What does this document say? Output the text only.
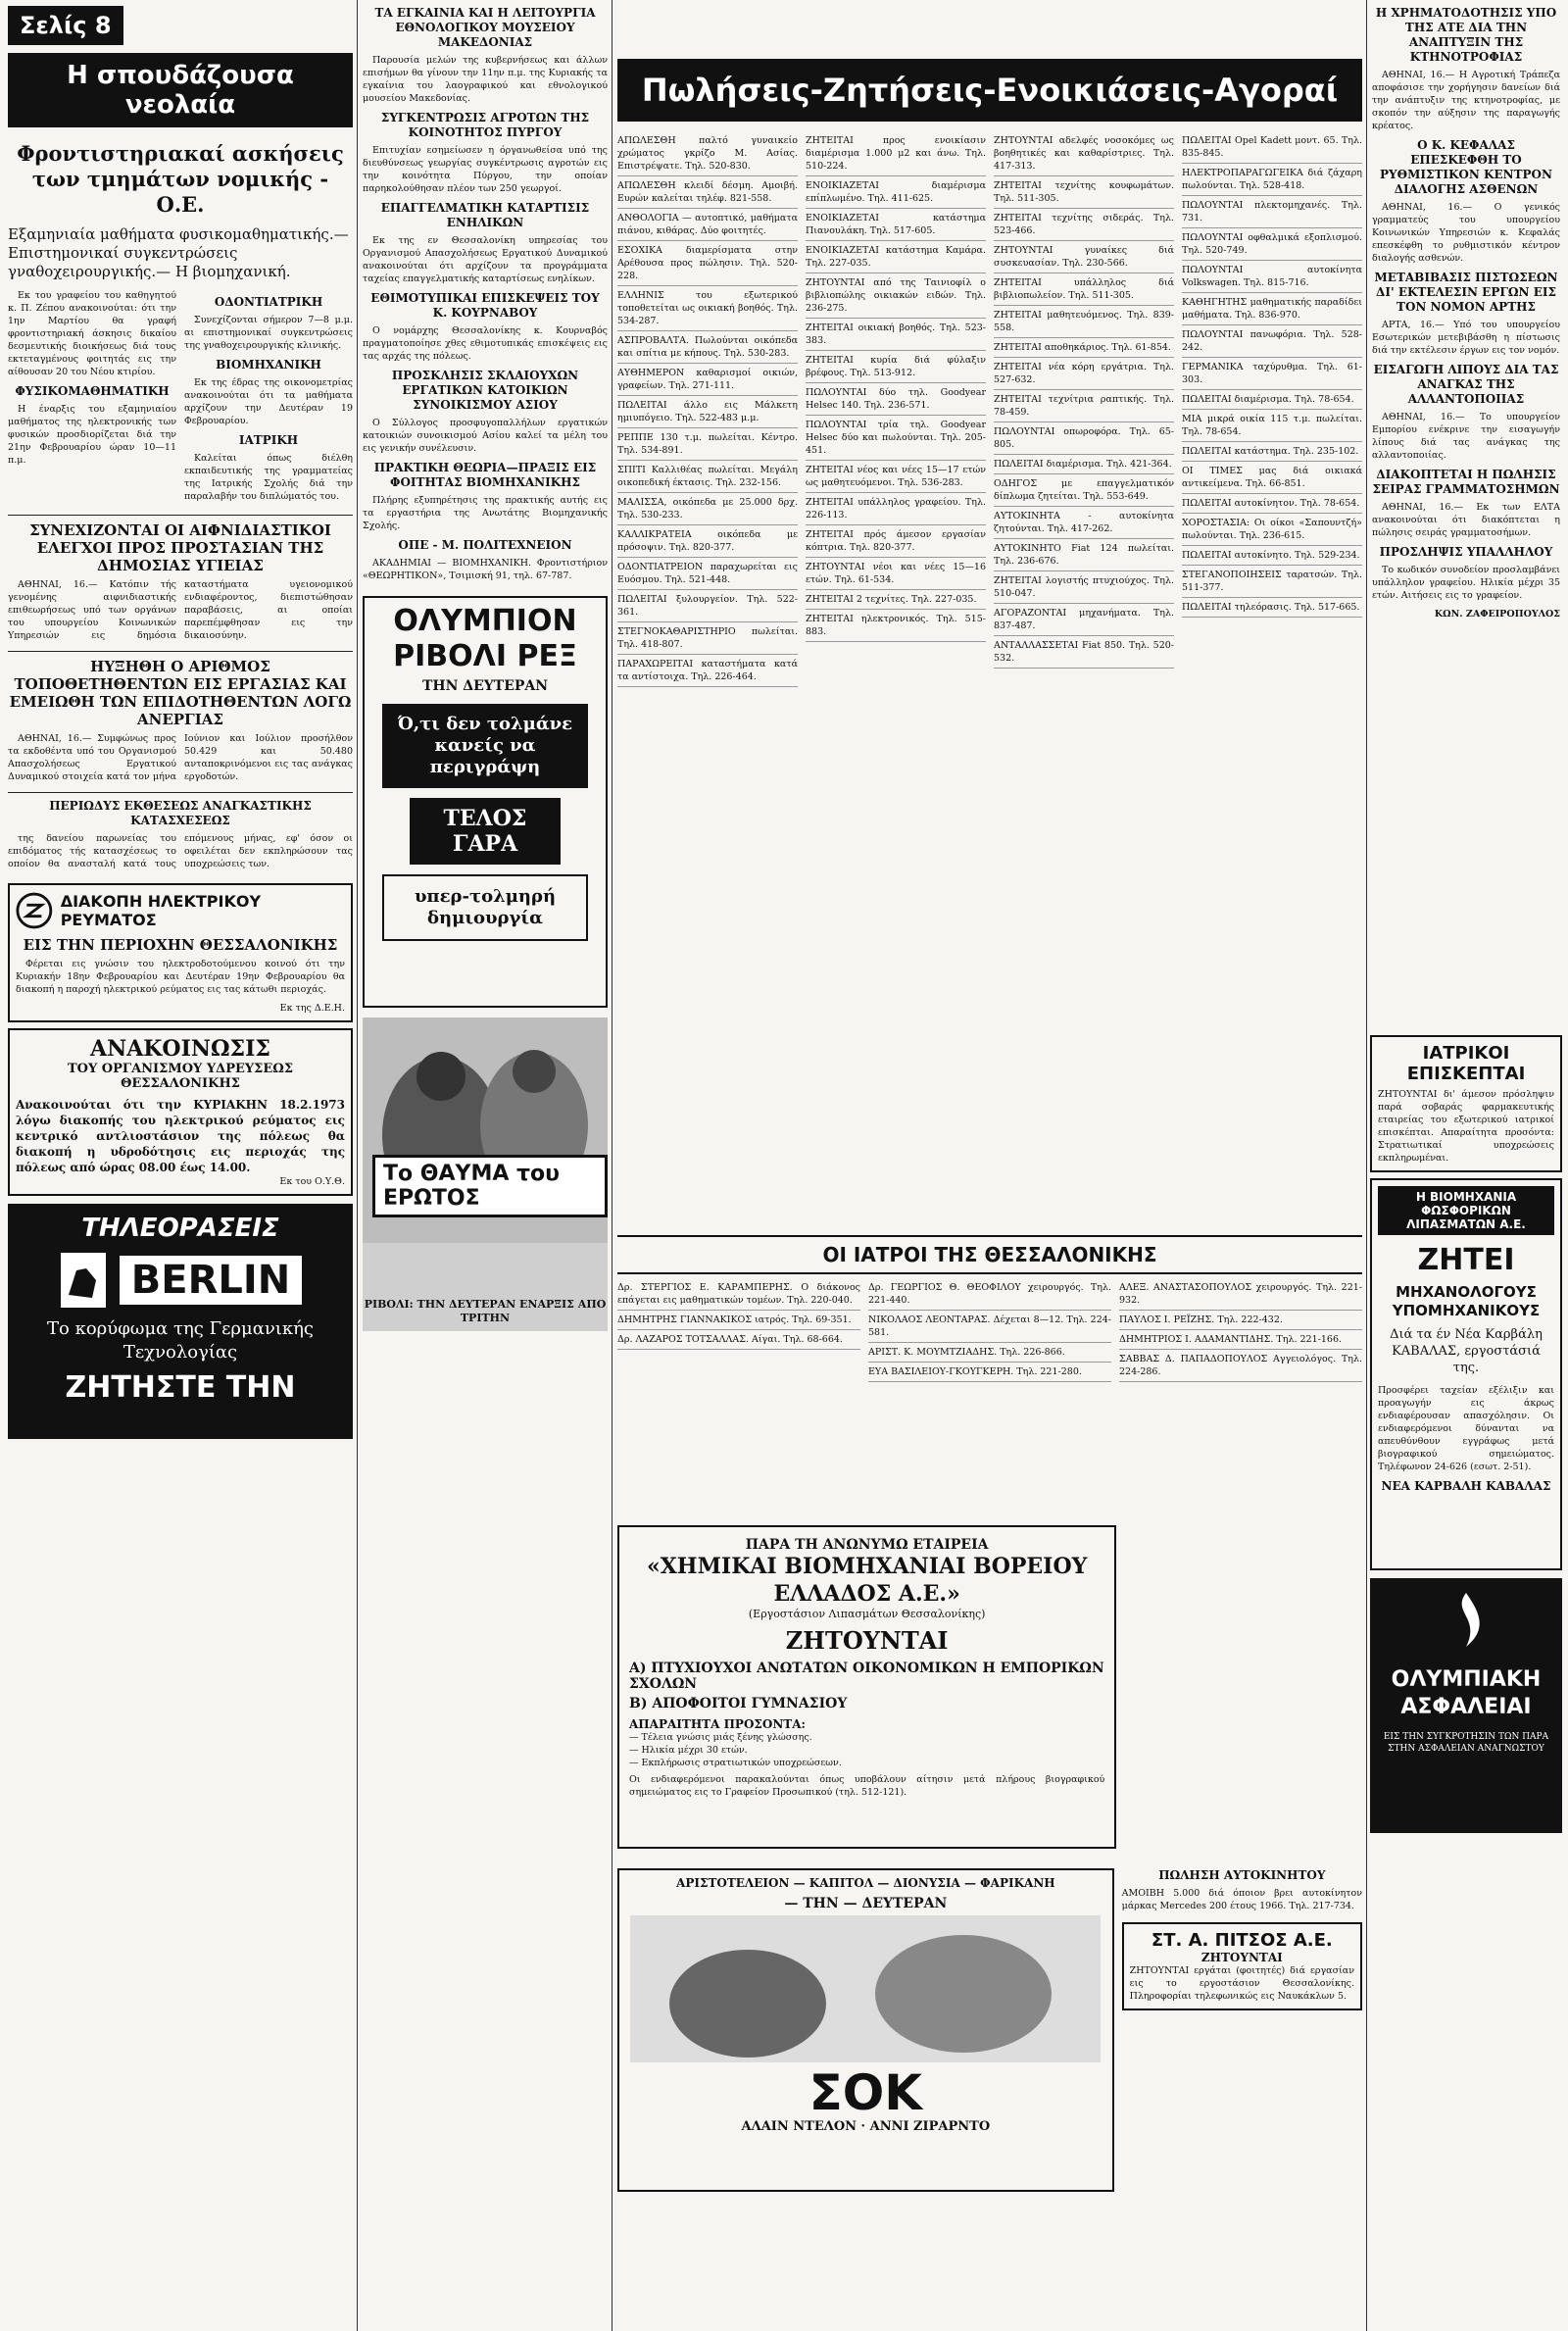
Σελίς 8
Η σπουδάζουσα νεολαία
Φροντιστηριακαί ασκήσεις των τμημάτων νομικής - Ο.Ε.
Εξαμηνιαία μαθήματα φυσικομαθηματικής.— Επιστημονικαί συγκεντρώσεις γναθοχειρουργικής.— Η βιομηχανική.

Εκ του γραφείου του καθηγητού κ. Π. Ζέπου ανακοινούται: ότι την 1ην Μαρτίου θα γραφή φροντιστηριακή άσκησις δικαίου δεσμευτικής διοικήσεως διά τους εκτεταγμένους φοιτητάς εις την αίθουσαν 20 του Νέου κτιρίου.

ΦΥΣΙΚΟΜΑΘΗΜΑΤΙΚΗ

Η έναρξις του εξαμηνιαίου μαθήματος της ηλεκτρονικής των φυσικών προσδιορίζεται διά την 21ην Φεβρουαρίου ώραν 10—11 π.μ.

ΟΔΟΝΤΙΑΤΡΙΚΗ

Συνεχίζονται σήμερον 7—8 μ.μ. αι επιστημονικαί συγκεντρώσεις της γναθοχειρουργικής κλινικής.

ΒΙΟΜΗΧΑΝΙΚΗ

Εκ της έδρας της οικονομετρίας ανακοινούται ότι τα μαθήματα αρχίζουν την Δευτέραν 19 Φεβρουαρίου.

ΙΑΤΡΙΚΗ

Καλείται όπως διέλθη εκπαιδευτικής της γραμματείας της Ιατρικής Σχολής διά την παραλαβήν του διπλώματός του.

ΣΥΝΕΧΙΖΟΝΤΑΙ ΟΙ ΑΙΦΝΙΔΙΑΣΤΙΚΟΙ ΕΛΕΓΧΟΙ ΠΡΟΣ ΠΡΟΣΤΑΣΙΑΝ ΤΗΣ ΔΗΜΟΣΙΑΣ ΥΓΙΕΙΑΣ

ΑΘΗΝΑΙ, 16.— Κατόπιν τής γενομένης αιφνιδιαστικής επιθεωρήσεως υπό των οργάνων του υπουργείου Κοινωνικών Υπηρεσιών εις δημόσια καταστήματα υγειονομικού ενδιαφέροντος, διεπιστώθησαν παραβάσεις, αι οποίαι παρεπέμφθησαν εις την δικαιοσύνην.

ΗΥΞΗΘΗ Ο ΑΡΙΘΜΟΣ ΤΟΠΟΘΕΤΗΘΕΝΤΩΝ ΕΙΣ ΕΡΓΑΣΙΑΣ ΚΑΙ ΕΜΕΙΩΘΗ ΤΩΝ ΕΠΙΔΟΤΗΘΕΝΤΩΝ ΛΟΓΩ ΑΝΕΡΓΙΑΣ

ΑΘΗΝΑΙ, 16.— Συμφώνως προς τα εκδοθέντα υπό του Οργανισμού Απασχολήσεως Εργατικού Δυναμικού στοιχεία κατά τον μήνα Ιούνιον και Ιούλιον προσήλθον 50.429 και 50.480 ανταποκρινόμενοι εις τας ανάγκας εργοδοτών.

ΠΕΡΙΩΔΥΣ ΕΚΘΕΣΕΩΣ ΑΝΑΓΚΑΣΤΙΚΗΣ ΚΑΤΑΣΧΕΣΕΩΣ

της δανείου παρωνείας του επιδόματος τής κατασχέσεως το οποίον θα ανασταλή κατά τους επόμενους μήνας, εφ' όσον οι οφειλέται δεν εκπληρώσουν τας υποχρεώσεις των.

ΔΙΑΚΟΠΗ ΗΛΕΚΤΡΙΚΟΥ ΡΕΥΜΑΤΟΣ
ΕΙΣ ΤΗΝ ΠΕΡΙΟΧΗΝ ΘΕΣΣΑΛΟΝΙΚΗΣ

Φέρεται εις γνώσιν του ηλεκτροδοτούμενου κοινού ότι την Κυριακήν 18ην Φεβρουαρίου και Δευτέραν 19ην Φεβρουαρίου θα διακοπή η παροχή ηλεκτρικού ρεύματος εις τας κάτωθι περιοχάς.

Εκ της Δ.Ε.Η.
ΑΝΑΚΟΙΝΩΣΙΣ
ΤΟΥ ΟΡΓΑΝΙΣΜΟΥ ΥΔΡΕΥΣΕΩΣ ΘΕΣΣΑΛΟΝΙΚΗΣ
Ανακοινούται ότι την ΚΥΡΙΑΚΗΝ 18.2.1973 λόγω διακοπής του ηλεκτρικού ρεύματος εις κεντρικό αντλιοστάσιον της πόλεως θα διακοπή η υδροδότησις εις περιοχάς της πόλεως από ώρας 08.00 έως 14.00.
Εκ του Ο.Υ.Θ.
ΤΗΛΕΟΡΑΣΕΙΣ
BERLIN
Το κορύφωμα της Γερμανικής Τεχνολογίας
ΖΗΤΗΣΤΕ ΤΗΝ
ΤΑ ΕΓΚΑΙΝΙΑ ΚΑΙ Η ΛΕΙΤΟΥΡΓΙΑ ΕΘΝΟΛΟΓΙΚΟΥ ΜΟΥΣΕΙΟΥ ΜΑΚΕΔΟΝΙΑΣ

Παρουσία μελών της κυβερνήσεως και άλλων επισήμων θα γίνουν την 11ην π.μ. της Κυριακής τα εγκαίνια του λαογραφικού και εθνολογικού μουσείου Μακεδονίας.

ΣΥΓΚΕΝΤΡΩΣΙΣ ΑΓΡΟΤΩΝ ΤΗΣ ΚΟΙΝΟΤΗΤΟΣ ΠΥΡΓΟΥ

Επιτυχίαν εσημείωσεν η όργανωθείσα υπό της διευθύνσεως γεωργίας συγκέντρωσις αγροτών εις την κοινότητα Πύργου, την οποίαν παρηκολούθησαν πλέον των 250 γεωργοί.

ΕΠΑΓΓΕΛΜΑΤΙΚΗ ΚΑΤΑΡΤΙΣΙΣ ΕΝΗΛΙΚΩΝ

Εκ της εν Θεσσαλονίκη υπηρεσίας του Οργανισμού Απασχολήσεως Εργατικού Δυναμικού ανακοινούται ότι αρχίζουν τα προγράμματα ταχείας επαγγελματικής καταρτίσεως ενηλίκων.

ΕΘΙΜΟΤΥΠΙΚΑΙ ΕΠΙΣΚΕΨΕΙΣ ΤΟΥ Κ. ΚΟΥΡΝΑΒΟΥ

Ο νομάρχης Θεσσαλονίκης κ. Κουρναβός πραγματοποίησε χθες εθιμοτυπικάς επισκέψεις εις τας αρχάς της πόλεως.

ΠΡΟΣΚΛΗΣΙΣ ΣΚΛΑΙΟΥΧΩΝ ΕΡΓΑΤΙΚΩΝ ΚΑΤΟΙΚΙΩΝ ΣΥΝΟΙΚΙΣΜΟΥ ΑΣΙΟΥ

Ο Σύλλογος προσφυγοπαλλήλων εργατικών κατοικιών συνοικισμού Ασίου καλεί τα μέλη του εις γενικήν συνέλευσιν.

ΠΡΑΚΤΙΚΗ ΘΕΩΡΙΑ—ΠΡΑΞΙΣ ΕΙΣ ΦΟΙΤΗΤΑΣ ΒΙΟΜΗΧΑΝΙΚΗΣ

Πλήρης εξυπηρέτησις της πρακτικής αυτής εις τα εργαστήρια της Ανωτάτης Βιομηχανικής Σχολής.

ΟΠΕ - Μ. ΠΟΛΙΤΕΧΝΕΙΟΝ

ΑΚΑΔΗΜΙΑΙ — ΒΙΟΜΗΧΑΝΙΚΗ. Φροντιστήριον «ΘΕΩΡΗΤΙΚΟΝ», Τσιμισκή 91, τηλ. 67-787.

ΟΛΥΜΠΙΟΝ ΡΙΒΟΛΙ ΡΕΞ
ΤΗΝ ΔΕΥΤΕΡΑΝ
Ό,τι δεν τολμάνε κανείς να περιγράψη
ΤΕΛΟΣ ΓΑΡΑ
υπερ-τολμηρή δημιουργία
Το ΘΑΥΜΑ του ΕΡΩΤΟΣ
ΡΙΒΟΛΙ: ΤΗΝ ΔΕΥΤΕΡΑΝ ΕΝΑΡΞΙΣ ΑΠΟ ΤΡΙΤΗΝ
Πωλήσεις-Ζητήσεις-Ενοικιάσεις-Αγοραί
ΑΠΩΛΕΣΘΗ παλτό γυναικείο χρώματος γκρίζο Μ. Ασίας. Επιστρέψατε. Τηλ. 520-830.
ΑΠΩΛΕΣΘΗ κλειδί δέσμη. Αμοιβή. Ευρών καλείται τηλέφ. 821-558.
ΑΝΘΟΛΟΓΙΑ — αυτοπτικό, μαθήματα πιάνου, κιθάρας. Δύο φοιτητές.
ΕΣΟΧΙΚΑ διαμερίσματα στην Αρέθουσα προς πώλησιν. Τηλ. 520-228.
ΕΛΛΗΝΙΣ του εξωτερικού τοποθετείται ως οικιακή βοηθός. Τηλ. 534-287.
ΑΣΠΡΟΒΑΛΤΑ. Πωλούνται οικόπεδα και σπίτια με κήπους. Τηλ. 530-283.
ΑΥΘΗΜΕΡΟΝ καθαρισμοί οικιών, γραφείων. Τηλ. 271-111.
ΠΩΛΕΙΤΑΙ άλλο εις Μάλκετη ημιυπόγειο. Τηλ. 522-483 μ.μ.
ΡΕΠΠΕ 130 τ.μ. πωλείται. Κέντρο. Τηλ. 534-891.
ΣΠΙΤΙ Καλλιθέας πωλείται. Μεγάλη οικοπεδική έκτασις. Τηλ. 232-156.
ΜΑΛΙΣΣΑ, οικόπεδα με 25.000 δρχ. Τηλ. 530-233.
ΚΑΛΛΙΚΡΑΤΕΙΑ οικόπεδα με πρόσοψιν. Τηλ. 820-377.
ΟΔΟΝΤΙΑΤΡΕΙΟΝ παραχωρείται εις Ευόσμου. Τηλ. 521-448.
ΠΩΛΕΙΤΑΙ ξυλουργείον. Τηλ. 522-361.
ΣΤΕΓΝΟΚΑΘΑΡΙΣΤΗΡΙΟ πωλείται. Τηλ. 418-807.
ΠΑΡΑΧΩΡΕΙΤΑΙ καταστήματα κατά τα αντίστοιχα. Τηλ. 226-464.
ΖΗΤΕΙΤΑΙ προς ενοικίασιν διαμέρισμα 1.000 μ2 και άνω. Τηλ. 510-224.
ΕΝΟΙΚΙΑΖΕΤΑΙ διαμέρισμα επίπλωμένο. Τηλ. 411-625.
ΕΝΟΙΚΙΑΖΕΤΑΙ κατάστημα Πιανουλάκη. Τηλ. 517-605.
ΕΝΟΙΚΙΑΖΕΤΑΙ κατάστημα Καμάρα. Τηλ. 227-035.
ΖΗΤΟΥΝΤΑΙ από της Ταινιοφίλ ο βιβλιοπώλης οικιακών ειδών. Τηλ. 236-275.
ΖΗΤΕΙΤΑΙ οικιακή βοηθός. Τηλ. 523-383.
ΖΗΤΕΙΤΑΙ κυρία διά φύλαξιν βρέφους. Τηλ. 513-912.
ΠΩΛΟΥΝΤΑΙ δύο τηλ. Goodyear Helsec 140. Τηλ. 236-571.
ΠΩΛΟΥΝΤΑΙ τρία τηλ. Goodyear Helsec δύο και πωλούνται. Τηλ. 205-451.
ΖΗΤΕΙΤΑΙ νέος και νέες 15—17 ετών ως μαθητευόμενοι. Τηλ. 536-283.
ΖΗΤΕΙΤΑΙ υπάλληλος γραφείου. Τηλ. 226-113.
ΖΗΤΕΙΤΑΙ πρός άμεσον εργασίαν κόπτρια. Τηλ. 820-377.
ΖΗΤΟΥΝΤΑΙ νέοι και νέες 15—16 ετών. Τηλ. 61-534.
ΖΗΤΕΙΤΑΙ 2 τεχνίτες. Τηλ. 227-035.
ΖΗΤΕΙΤΑΙ ηλεκτρονικός. Τηλ. 515-883.
ΖΗΤΟΥΝΤΑΙ αδελφές νοσοκόμες ως βοηθητικές και καθαρίστριες. Τηλ. 417-313.
ΖΗΤΕΙΤΑΙ τεχνίτης κουφωμάτων. Τηλ. 511-305.
ΖΗΤΕΙΤΑΙ τεχνίτης σιδεράς. Τηλ. 523-466.
ΖΗΤΟΥΝΤΑΙ γυναίκες διά συσκευασίαν. Τηλ. 230-566.
ΖΗΤΕΙΤΑΙ υπάλληλος διά βιβλιοπωλείον. Τηλ. 511-305.
ΖΗΤΕΙΤΑΙ μαθητευόμενος. Τηλ. 839-558.
ΖΗΤΕΙΤΑΙ αποθηκάριος. Τηλ. 61-854.
ΖΗΤΕΙΤΑΙ νέα κόρη εργάτρια. Τηλ. 527-632.
ΖΗΤΕΙΤΑΙ τεχνίτρια ραπτικής. Τηλ. 78-459.
ΠΩΛΟΥΝΤΑΙ οπωροφόρα. Τηλ. 65-805.
ΠΩΛΕΙΤΑΙ διαμέρισμα. Τηλ. 421-364.
ΟΔΗΓΟΣ με επαγγελματικόν δίπλωμα ζητείται. Τηλ. 553-649.
ΑΥΤΟΚΙΝΗΤΑ - αυτοκίνητα ζητούνται. Τηλ. 417-262.
ΑΥΤΟΚΙΝΗΤΟ Fiat 124 πωλείται. Τηλ. 236-676.
ΖΗΤΕΙΤΑΙ λογιστής πτυχιούχος. Τηλ. 510-047.
ΑΓΟΡΑΖΟΝΤΑΙ μηχανήματα. Τηλ. 837-487.
ΑΝΤΑΛΛΑΣΣΕΤΑΙ Fiat 850. Τηλ. 520-532.
ΠΩΛΕΙΤΑΙ Opel Kadett μοντ. 65. Τηλ. 835-845.
ΗΛΕΚΤΡΟΠΑΡΑΓΩΓΕΙΚΑ διά ζάχαρη πωλούνται. Τηλ. 528-418.
ΠΩΛΟΥΝΤΑΙ πλεκτομηχανές. Τηλ. 731.
ΠΩΛΟΥΝΤΑΙ οφθαλμικά εξοπλισμού. Τηλ. 520-749.
ΠΩΛΟΥΝΤΑΙ αυτοκίνητα Volkswagen. Τηλ. 815-716.
ΚΑΘΗΓΗΤΗΣ μαθηματικής παραδίδει μαθήματα. Τηλ. 836-970.
ΠΩΛΟΥΝΤΑΙ πανωφόρια. Τηλ. 528-242.
ΓΕΡΜΑΝΙΚΑ ταχύρυθμα. Τηλ. 61-303.
ΠΩΛΕΙΤΑΙ διαμέρισμα. Τηλ. 78-654.
ΜΙΑ μικρά οικία 115 τ.μ. πωλείται. Τηλ. 78-654.
ΠΩΛΕΙΤΑΙ κατάστημα. Τηλ. 235-102.
ΟΙ ΤΙΜΕΣ μας διά οικιακά αντικείμενα. Τηλ. 66-851.
ΠΩΛΕΙΤΑΙ αυτοκίνητον. Τηλ. 78-654.
ΧΟΡΟΣΤΑΣΙΑ: Οι οίκοι «Σαπουντζή» πωλούνται. Τηλ. 236-615.
ΠΩΛΕΙΤΑΙ αυτοκίνητο. Τηλ. 529-234.
ΣΤΕΓΑΝΟΠΟΙΗΣΕΙΣ ταρατσών. Τηλ. 511-377.
ΠΩΛΕΙΤΑΙ τηλεόρασις. Τηλ. 517-665.
ΟΙ ΙΑΤΡΟΙ ΤΗΣ ΘΕΣΣΑΛΟΝΙΚΗΣ
Δρ. ΣΤΕΡΓΙΟΣ Ε. ΚΑΡΑΜΠΕΡΗΣ. Ο διάκονος επάγεται εις μαθηματικών τομέων. Τηλ. 220-040.
ΔΗΜΗΤΡΗΣ ΓΙΑΝΝΑΚΙΚΟΣ ιατρός. Τηλ. 69-351.
Δρ. ΛΑΖΑΡΟΣ ΤΟΤΣΑΛΛΑΣ. Αίγαι. Τηλ. 68-664.
Δρ. ΓΕΩΡΓΙΟΣ Θ. ΘΕΟΦΙΛΟΥ χειρουργός. Τηλ. 221-440.
ΝΙΚΟΛΑΟΣ ΛΕΟΝΤΑΡΑΣ. Δέχεται 8—12. Τηλ. 224-581.
ΑΡΙΣΤ. Κ. ΜΟΥΜΤΖΙΑΔΗΣ. Τηλ. 226-866.
ΕΥΑ ΒΑΣΙΛΕΙΟΥ-ΓΚΟΥΓΚΕΡΗ. Τηλ. 221-280.
ΑΛΕΞ. ΑΝΑΣΤΑΣΟΠΟΥΛΟΣ χειρουργός. Τηλ. 221-932.
ΠΑΥΛΟΣ Ι. ΡΕΪΖΗΣ. Τηλ. 222-432.
ΔΗΜΗΤΡΙΟΣ Ι. ΑΔΑΜΑΝΤΙΔΗΣ. Τηλ. 221-166.
ΣΑΒΒΑΣ Δ. ΠΑΠΑΔΟΠΟΥΛΟΣ Αγγειολόγος. Τηλ. 224-286.
ΠΑΡΑ ΤΗ ΑΝΩΝΥΜΩ ΕΤΑΙΡΕΙΑ
«ΧΗΜΙΚΑΙ ΒΙΟΜΗΧΑΝΙΑΙ ΒΟΡΕΙΟΥ ΕΛΛΑΔΟΣ Α.Ε.»
(Εργοστάσιον Λιπασμάτων Θεσσαλονίκης)
ΖΗΤΟΥΝΤΑΙ
Α) ΠΤΥΧΙΟΥΧΟΙ ΑΝΩΤΑΤΩΝ ΟΙΚΟΝΟΜΙΚΩΝ Η ΕΜΠΟΡΙΚΩΝ ΣΧΟΛΩΝ
Β) ΑΠΟΦΟΙΤΟΙ ΓΥΜΝΑΣΙΟΥ
ΑΠΑΡΑΙΤΗΤΑ ΠΡΟΣΟΝΤΑ:
— Τέλεια γνώσις μιάς ξένης γλώσσης.
— Ηλικία μέχρι 30 ετών.
— Εκπλήρωσις στρατιωτικών υποχρεώσεων.
Οι ενδιαφερόμενοι παρακαλούνται όπως υποβάλουν αίτησιν μετά πλήρους βιογραφικού σημειώματος εις το Γραφείον Προσωπικού (τηλ. 512-121).
ΑΡΙΣΤΟΤΕΛΕΙΟΝ — ΚΑΠΙΤΟΛ — ΔΙΟΝΥΣΙΑ — ΦΑΡΙΚΑΝΗ
— ΤΗΝ — ΔΕΥΤΕΡΑΝ
ΣΟΚ
ΑΛΑΙΝ ΝΤΕΛΟΝ · ΑΝΝΙ ΖΙΡΑΡΝΤΟ
ΠΩΛΗΣΗ ΑΥΤΟΚΙΝΗΤΟΥ
ΑΜΟΙΒΗ 5.000 διά όποιον βρει αυτοκίνητον μάρκας Mercedes 200 έτους 1966. Τηλ. 217-734.
ΣΤ. Α. ΠΙΤΣΟΣ Α.Ε.
ΖΗΤΟΥΝΤΑΙ
ΖΗΤΟΥΝΤΑΙ εργάται (φοιτητές) διά εργασίαν εις το εργοστάσιον Θεσσαλονίκης. Πληροφορίαι τηλεφωνικώς εις Ναυκάκλων 5.
Η ΧΡΗΜΑΤΟΔΟΤΗΣΙΣ ΥΠΟ ΤΗΣ ΑΤΕ ΔΙΑ ΤΗΝ ΑΝΑΠΤΥΞΙΝ ΤΗΣ ΚΤΗΝΟΤΡΟΦΙΑΣ

ΑΘΗΝΑΙ, 16.— Η Αγροτική Τράπεζα αποφάσισε την χορήγησιν δανείων διά την ανάπτυξιν της κτηνοτροφίας, με σκοπόν την αύξησιν της παραγωγής κρέατος.

Ο Κ. ΚΕΦΑΛΑΣ ΕΠΕΣΚΕΦΘΗ ΤΟ ΡΥΘΜΙΣΤΙΚΟΝ ΚΕΝΤΡΟΝ ΔΙΑΛΟΓΗΣ ΑΣΘΕΝΩΝ

ΑΘΗΝΑΙ, 16.— Ο γενικός γραμματεύς του υπουργείου Κοινωνικών Υπηρεσιών κ. Κεφαλάς επεσκέφθη το ρυθμιστικόν κέντρον διαλογής ασθενών.

ΜΕΤΑΒΙΒΑΣΙΣ ΠΙΣΤΩΣΕΩΝ ΔΙ' ΕΚΤΕΛΕΣΙΝ ΕΡΓΩΝ ΕΙΣ ΤΟΝ ΝΟΜΟΝ ΑΡΤΗΣ

ΑΡΤΑ, 16.— Υπό του υπουργείου Εσωτερικών μετεβιβάσθη η πίστωσις διά την εκτέλεσιν έργων εις τον νομόν.

ΕΙΣΑΓΩΓΗ ΛΙΠΟΥΣ ΔΙΑ ΤΑΣ ΑΝΑΓΚΑΣ ΤΗΣ ΑΛΛΑΝΤΟΠΟΙΙΑΣ

ΑΘΗΝΑΙ, 16.— Το υπουργείον Εμπορίου ενέκρινε την εισαγωγήν λίπους διά τας ανάγκας της αλλαντοποιίας.

ΔΙΑΚΟΠΤΕΤΑΙ Η ΠΩΛΗΣΙΣ ΣΕΙΡΑΣ ΓΡΑΜΜΑΤΟΣΗΜΩΝ

ΑΘΗΝΑΙ, 16.— Εκ των ΕΛΤΑ ανακοινούται ότι διακόπτεται η πώλησις σειράς γραμματοσήμων.

ΠΡΟΣΛΗΨΙΣ ΥΠΑΛΛΗΛΟΥ

Το κωδικόν συνοδείον προσλαμβάνει υπάλληλον γραφείου. Ηλικία μέχρι 35 ετών. Αιτήσεις εις το γραφείον.

ΚΩΝ. ΖΑΦΕΙΡΟΠΟΥΛΟΣ
ΙΑΤΡΙΚΟΙ ΕΠΙΣΚΕΠΤΑΙ
ΖΗΤΟΥΝΤΑΙ δι' άμεσον πρόσληψιν παρά σοβαράς φαρμακευτικής εταιρείας του εξωτερικού ιατρικοί επισκέπται. Απαραίτητα προσόντα: Στρατιωτικαί υποχρεώσεις εκπληρωμέναι.
Η ΒΙΟΜΗΧΑΝΙΑ ΦΩΣΦΟΡΙΚΩΝ ΛΙΠΑΣΜΑΤΩΝ Α.Ε.
ΖΗΤΕΙ
ΜΗΧΑΝΟΛΟΓΟΥΣ ΥΠΟΜΗΧΑΝΙΚΟΥΣ
Διά τα έν Νέα Καρβάλη ΚΑΒΑΛΑΣ, εργοστάσιά της.
Προσφέρει ταχείαν εξέλιξιν και προαγωγήν εις άκρως ενδιαφέρουσαν απασχόλησιν. Οι ενδιαφερόμενοι δύνανται να απευθύνθουν εγγράφως μετά βιογραφικού σημειώματος. Τηλέφωνον 24-626 (εσωτ. 2-51).
ΝΕΑ ΚΑΡΒΑΛΗ ΚΑΒΑΛΑΣ
ΟΛΥΜΠΙΑΚΗ ΑΣΦΑΛΕΙΑΙ
ΕΙΣ ΤΗΝ ΣΥΓΚΡΟΤΗΣΙΝ ΤΩΝ ΠΑΡΑ ΣΤΗΝ ΑΣΦΑΛΕΙΑΝ ΑΝΑΓΝΩΣΤΟΥ
